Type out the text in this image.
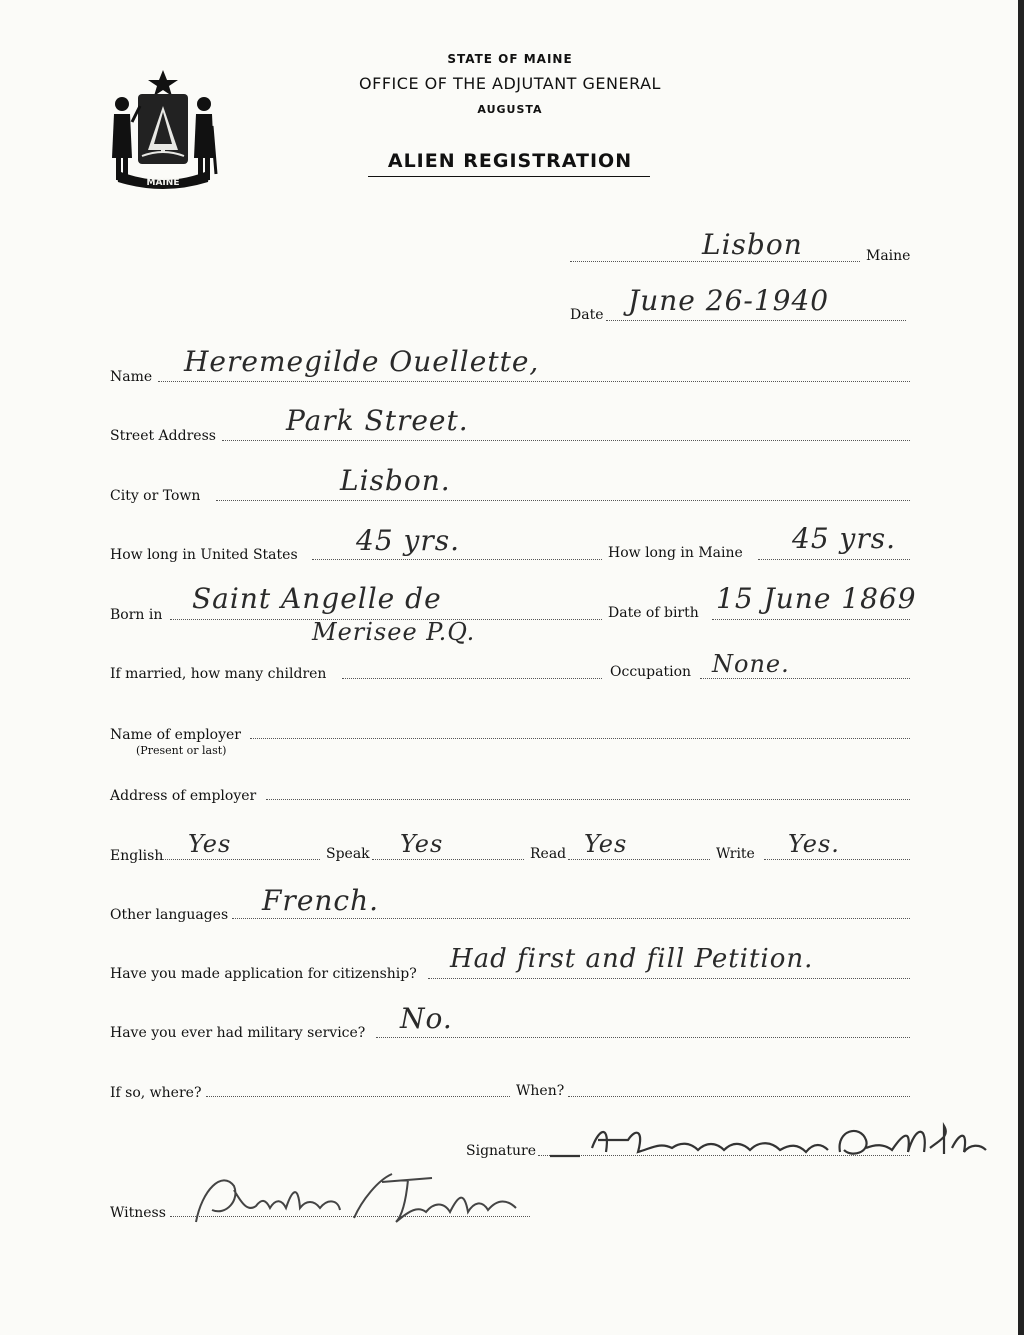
MAINE
STATE OF MAINE
OFFICE OF THE ADJUTANT GENERAL
AUGUSTA
ALIEN REGISTRATION
Lisbon	Maine
Date June 26-1940
Name Heremegilde Ouellette,
Street Address	Park Street.
City or Town	Lisbon.
How long in United States 45 yrs.	How long in Maine 45 yrs.
Born in Saint Angelle de
Merisee P.Q.
Date of birth 15 June 1869
If married, how many children	Occupation None.
Name of employer
(Present or last)
Address of employer
English Yes	Speak Yes	Read Yes	Write Yes.
Other languages French.
Have you made application for citizenship? Had first and fill Petition.
Have you ever had military service? No.
If so, where?	When?
Signature
Witness
